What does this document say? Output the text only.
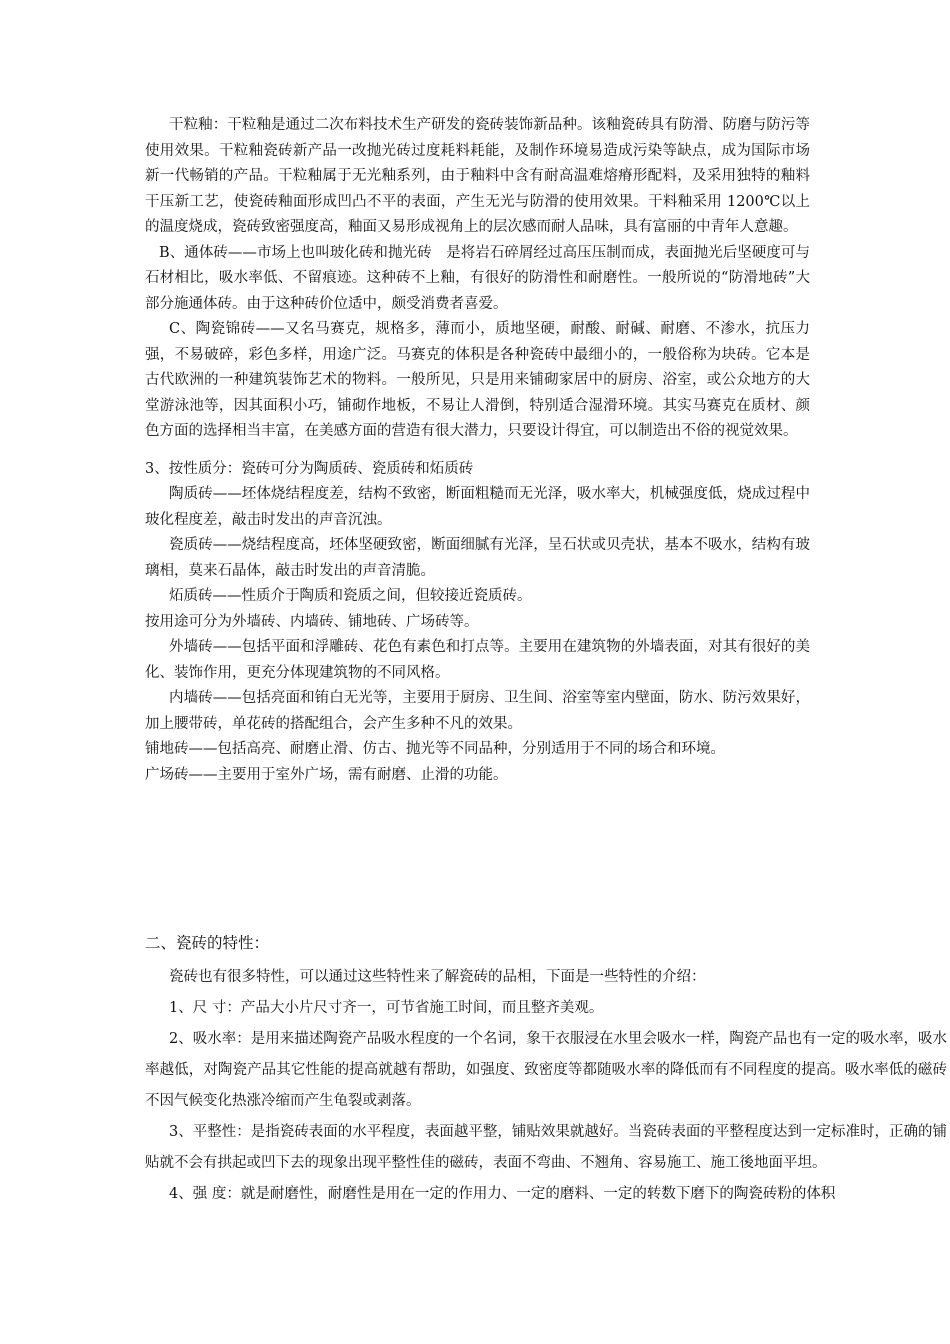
干粒釉：干粒釉是通过二次布料技术生产研发的瓷砖装饰新品种。该釉瓷砖具有防滑、防磨与防污等使用效果。干粒釉瓷砖新产品一改抛光砖过度耗料耗能，及制作环境易造成污染等缺点，成为国际市场新一代畅销的产品。干粒釉属于无光釉系列，由于釉料中含有耐高温难熔瘠形配料，及采用独特的釉料干压新工艺，使瓷砖釉面形成凹凸不平的表面，产生无光与防滑的使用效果。干料釉采用 1200℃以上的温度烧成，瓷砖致密强度高，釉面又易形成视角上的层次感而耐人品味，具有富丽的中青年人意趣。

B、通体砖——市场上也叫玻化砖和抛光砖　是将岩石碎屑经过高压压制而成，表面抛光后坚硬度可与石材相比，吸水率低、不留痕迹。这种砖不上釉，有很好的防滑性和耐磨性。一般所说的“防滑地砖”大部分施通体砖。由于这种砖价位适中，颇受消费者喜爱。

C、陶瓷锦砖——又名马赛克，规格多，薄而小，质地坚硬，耐酸、耐碱、耐磨、不渗水，抗压力强，不易破碎，彩色多样，用途广泛。马赛克的体积是各种瓷砖中最细小的，一般俗称为块砖。它本是古代欧洲的一种建筑装饰艺术的物料。一般所见，只是用来铺砌家居中的厨房、浴室，或公众地方的大堂游泳池等，因其面积小巧，铺砌作地板，不易让人滑倒，特别适合湿滑环境。其实马赛克在质材、颜色方面的选择相当丰富，在美感方面的营造有很大潜力，只要设计得宜，可以制造出不俗的视觉效果。

3、按性质分：瓷砖可分为陶质砖、瓷质砖和炻质砖

陶质砖——坯体烧结程度差，结构不致密，断面粗糙而无光泽，吸水率大，机械强度低，烧成过程中玻化程度差，敲击时发出的声音沉浊。

瓷质砖——烧结程度高，坯体坚硬致密，断面细腻有光泽，呈石状或贝壳状，基本不吸水，结构有玻璃相，莫来石晶体，敲击时发出的声音清脆。

炻质砖——性质介于陶质和瓷质之间，但较接近瓷质砖。

按用途可分为外墙砖、内墙砖、铺地砖、广场砖等。

外墙砖——包括平面和浮雕砖、花色有素色和打点等。主要用在建筑物的外墙表面，对其有很好的美化、装饰作用，更充分体现建筑物的不同风格。

内墙砖——包括亮面和铕白无光等，主要用于厨房、卫生间、浴室等室内壁面，防水、防污效果好，加上腰带砖，单花砖的搭配组合，会产生多种不凡的效果。

铺地砖——包括高亮、耐磨止滑、仿古、抛光等不同品种，分别适用于不同的场合和环境。

广场砖——主要用于室外广场，需有耐磨、止滑的功能。

二、瓷砖的特性：

瓷砖也有很多特性，可以通过这些特性来了解瓷砖的品相，下面是一些特性的介绍：

1、尺 寸：产品大小片尺寸齐一，可节省施工时间，而且整齐美观。

2、吸水率：是用来描述陶瓷产品吸水程度的一个名词，象干衣服浸在水里会吸水一样，陶瓷产品也有一定的吸水率，吸水率越低，对陶瓷产品其它性能的提高就越有帮助，如强度、致密度等都随吸水率的降低而有不同程度的提高。吸水率低的磁砖不因气候变化热涨冷缩而产生龟裂或剥落。

3、平整性：是指瓷砖表面的水平程度，表面越平整，铺贴效果就越好。当瓷砖表面的平整程度达到一定标准时，正确的铺贴就不会有拱起或凹下去的现象出现平整性佳的磁砖，表面不弯曲、不翘角、容易施工、施工後地面平坦。

4、强 度：就是耐磨性，耐磨性是用在一定的作用力、一定的磨料、一定的转数下磨下的陶瓷砖粉的体积
